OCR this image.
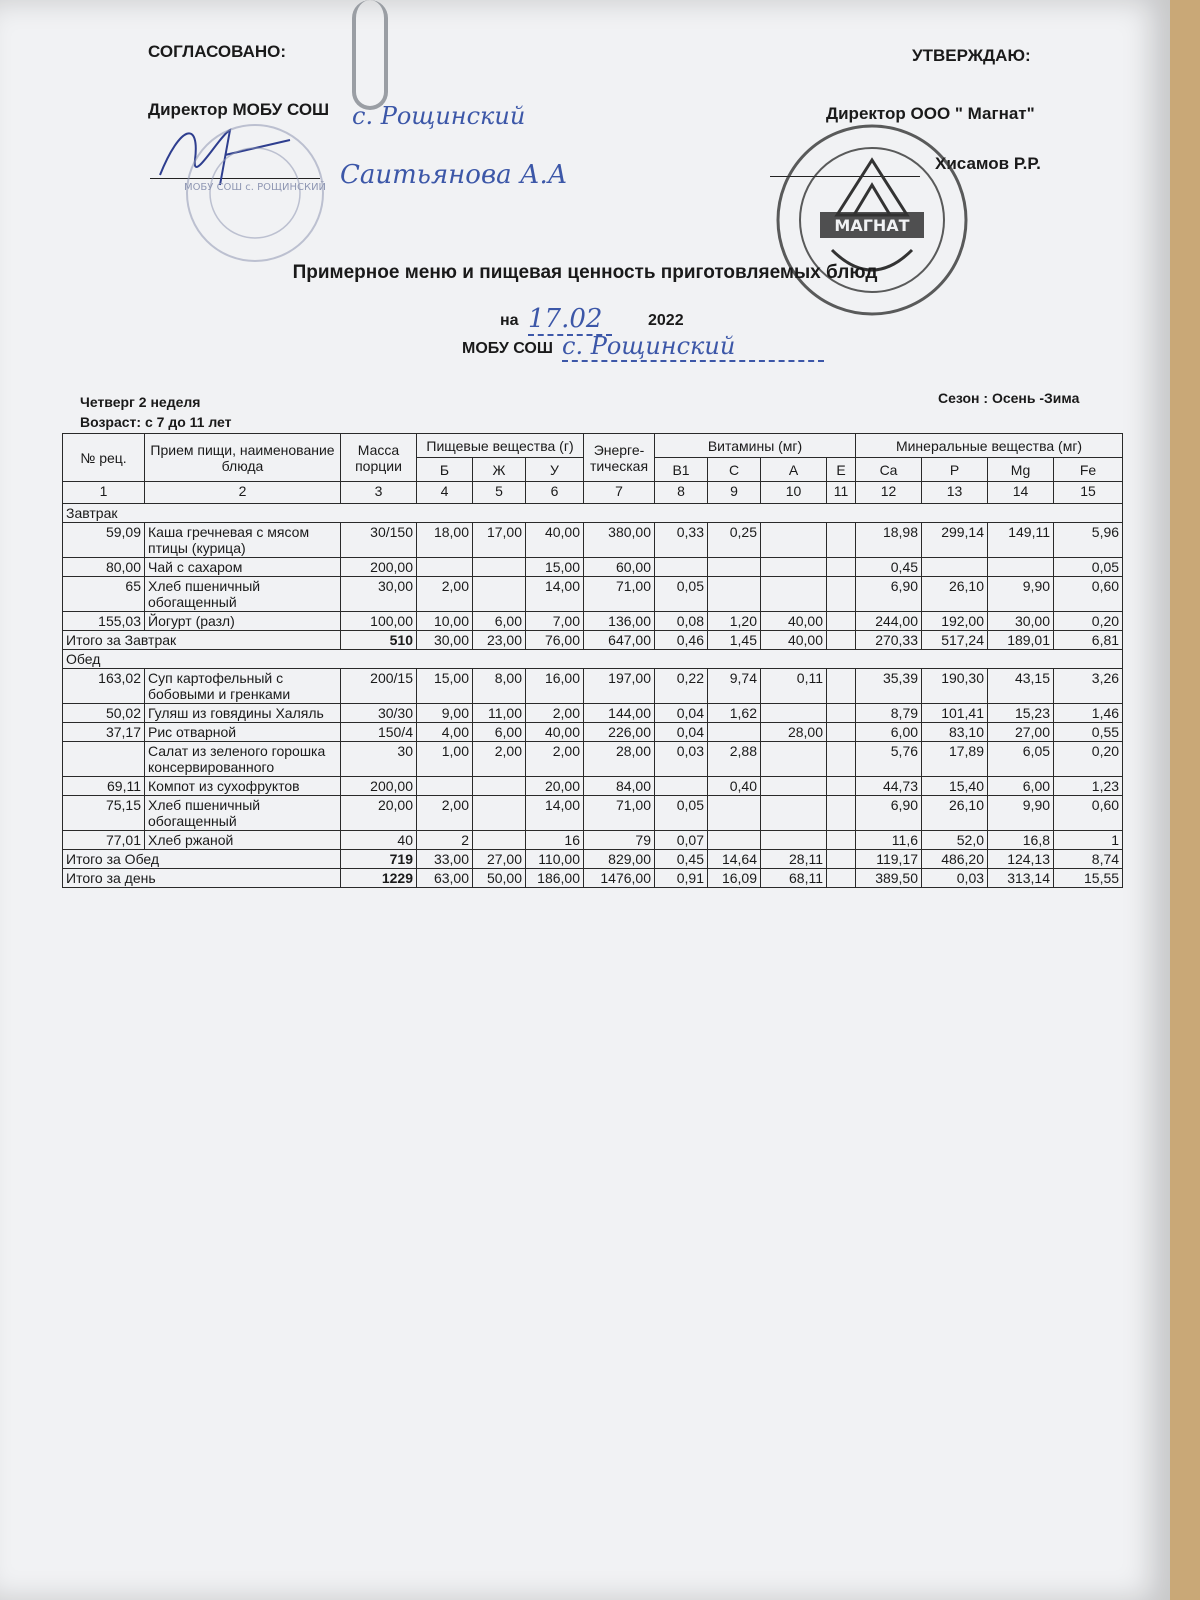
СОГЛАСОВАНО:
Директор МОБУ СОШ с. Рощинский
Саитьянова А.А
МОБУ СОШ с. РОЩИНСКИЙ
УТВЕРЖДАЮ:
Директор ООО " Магнат"
Хисамов Р.Р.
МАГНАТ
Примерное меню и пищевая ценность приготовляемых блюд
на 17.02	2022
МОБУ СОШ с. Рощинский
Четверг 2 неделя
Возраст: с 7 до 11 лет
Сезон : Осень -Зима
№ рец.	Прием пищи, наименование блюда	Масса порции	Пищевые вещества (г)			Энерге-тическая	Витамины (мг)				Минеральные вещества (мг)			
			Б	Ж	У		В1	С	А	Е	Ca	P	Mg	Fe
1	2	3	4	5	6	7	8	9	10	11	12	13	14	15
Завтрак														
59,09	Каша гречневая с мясом птицы (курица)	30/150	18,00	17,00	40,00	380,00	0,33	0,25			18,98	299,14	149,11	5,96
80,00	Чай с сахаром	200,00			15,00	60,00					0,45			0,05
65	Хлеб пшеничный обогащенный	30,00	2,00		14,00	71,00	0,05				6,90	26,10	9,90	0,60
155,03	Йогурт (разл)	100,00	10,00	6,00	7,00	136,00	0,08	1,20	40,00		244,00	192,00	30,00	0,20
Итого за Завтрак		510	30,00	23,00	76,00	647,00	0,46	1,45	40,00		270,33	517,24	189,01	6,81
Обед														
163,02	Суп картофельный с бобовыми и гренками	200/15	15,00	8,00	16,00	197,00	0,22	9,74	0,11		35,39	190,30	43,15	3,26
50,02	Гуляш из говядины Халяль	30/30	9,00	11,00	2,00	144,00	0,04	1,62			8,79	101,41	15,23	1,46
37,17	Рис отварной	150/4	4,00	6,00	40,00	226,00	0,04		28,00		6,00	83,10	27,00	0,55
	Салат из зеленого горошка консервированного	30	1,00	2,00	2,00	28,00	0,03	2,88			5,76	17,89	6,05	0,20
69,11	Компот из сухофруктов	200,00			20,00	84,00		0,40			44,73	15,40	6,00	1,23
75,15	Хлеб пшеничный обогащенный	20,00	2,00		14,00	71,00	0,05				6,90	26,10	9,90	0,60
77,01	Хлеб ржаной	40	2		16	79	0,07				11,6	52,0	16,8	1
Итого за Обед		719	33,00	27,00	110,00	829,00	0,45	14,64	28,11		119,17	486,20	124,13	8,74
Итого за день		1229	63,00	50,00	186,00	1476,00	0,91	16,09	68,11		389,50	0,03	313,14	15,55
